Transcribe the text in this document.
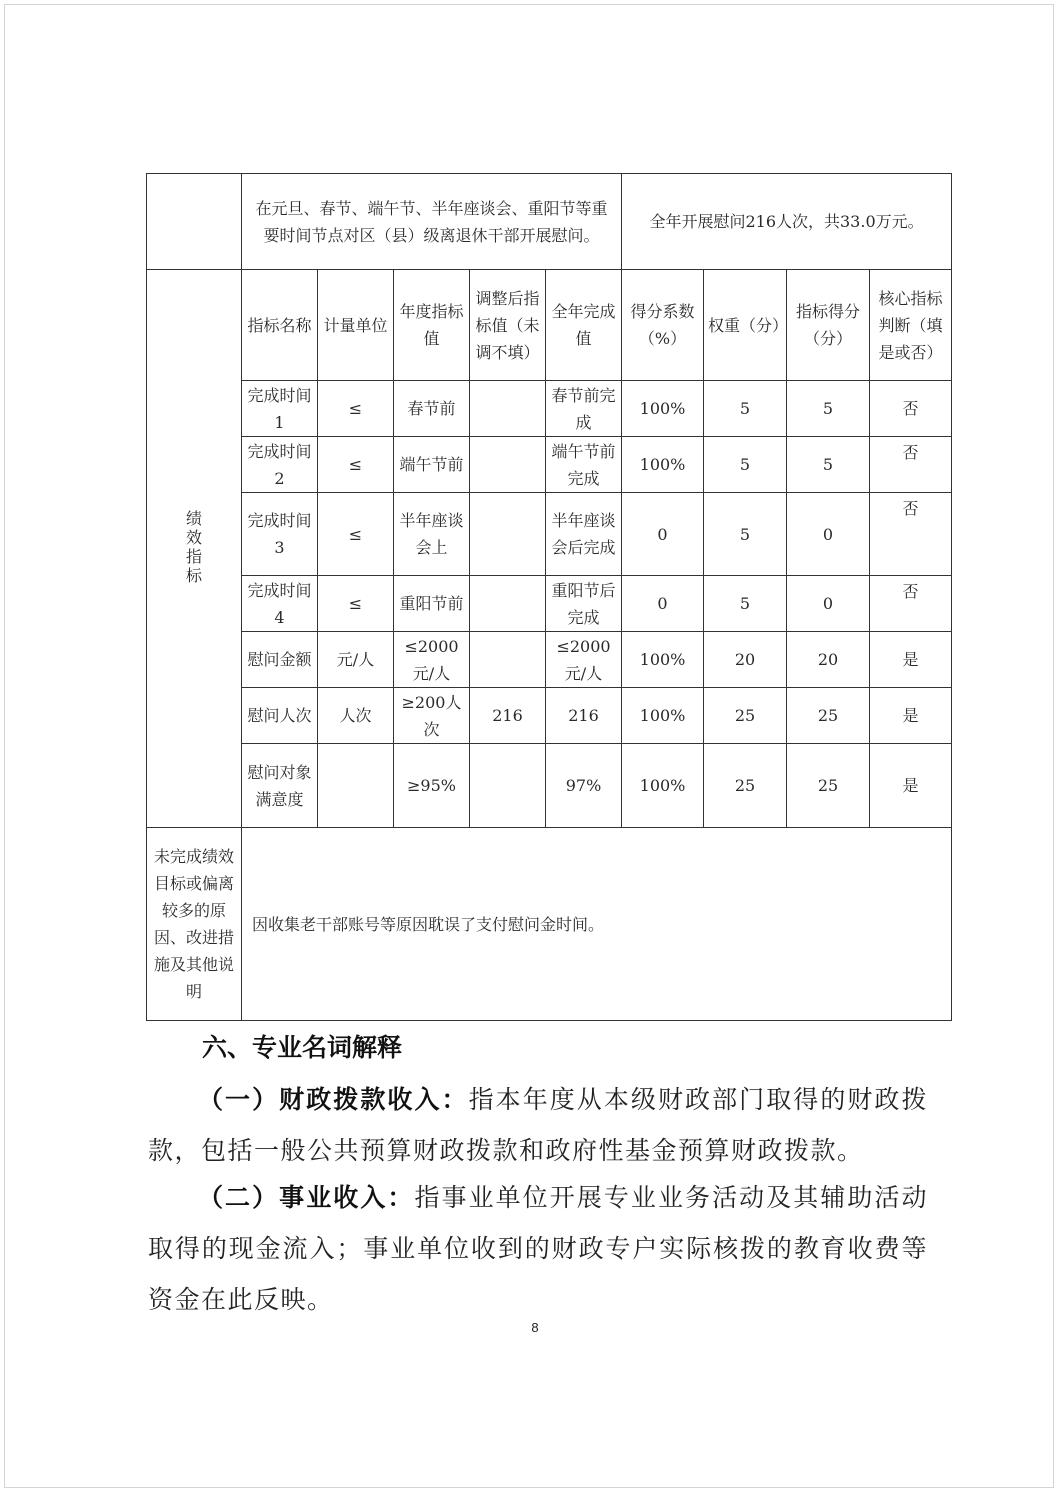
	在元旦、春节、端午节、半年座谈会、重阳节等重要时间节点对区（县）级离退休干部开展慰问。					全年开展慰问216人次，共33.0万元。			
绩效指标	指标名称	计量单位	年度指标值	调整后指标值（未调不填）	全年完成值	得分系数（%）	权重（分）	指标得分（分）	核心指标判断（填是或否）
	完成时间1	≤	春节前		春节前完成	100%	5	5	否
	完成时间2	≤	端午节前		端午节前完成	100%	5	5	否
	完成时间3	≤	半年座谈会上		半年座谈会后完成	0	5	0	否
	完成时间4	≤	重阳节前		重阳节后完成	0	5	0	否
	慰问金额	元/人	≤2000元/人		≤2000元/人	100%	20	20	是
	慰问人次	人次	≥200人次	216	216	100%	25	25	是
	慰问对象满意度		≥95%		97%	100%	25	25	是
未完成绩效目标或偏离较多的原因、改进措施及其他说明	因收集老干部账号等原因耽误了支付慰问金时间。								
六、专业名词解释

（一）财政拨款收入：指本年度从本级财政部门取得的财政拨款，包括一般公共预算财政拨款和政府性基金预算财政拨款。

（二）事业收入：指事业单位开展专业业务活动及其辅助活动取得的现金流入；事业单位收到的财政专户实际核拨的教育收费等资金在此反映。

8
